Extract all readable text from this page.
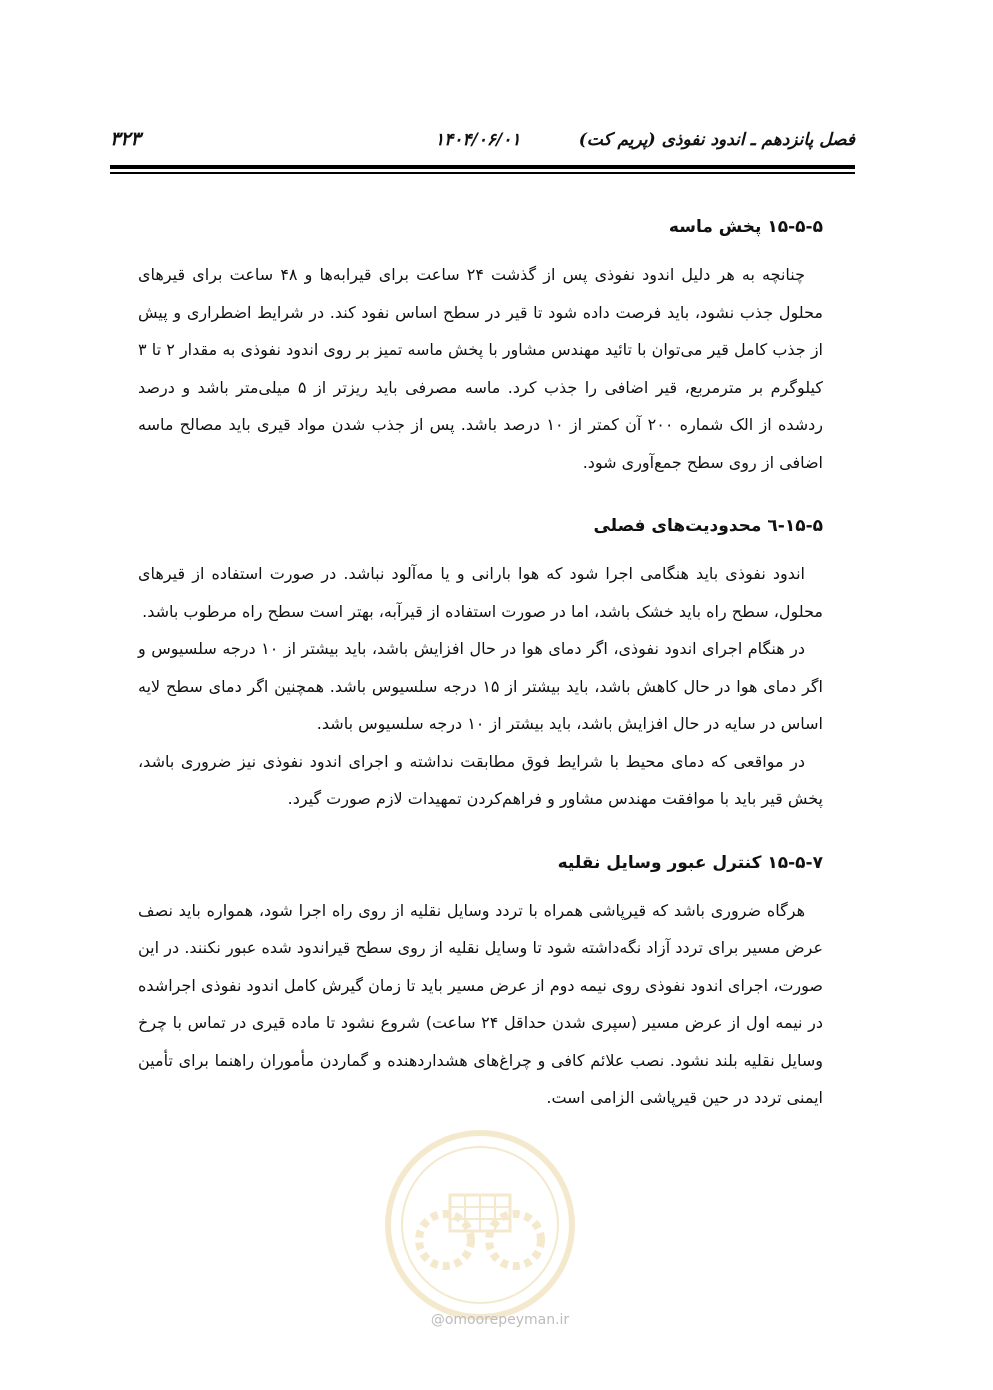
فصل پانزدهم ـ اندود نفوذی (پریم کت)
۱۴۰۴/۰۶/۰۱
۳۲۳
۱۵-۵-۵ پخش ماسه

چنانچه به هر دلیل اندود نفوذی پس از گذشت ۲۴ ساعت برای قیرابه‌ها و ۴۸ ساعت برای قیرهای محلول جذب نشود، باید فرصت داده شود تا قیر در سطح اساس نفود کند. در شرایط اضطراری و پیش از جذب کامل قیر می‌توان با تائید مهندس مشاور با پخش ماسه تمیز بر روی اندود نفوذی به مقدار ۲ تا ۳ کیلوگرم بر مترمربع، قیر اضافی را جذب کرد. ماسه مصرفی باید ریزتر از ۵ میلی‌متر باشد و درصد ردشده از الک شماره ۲۰۰ آن کمتر از ۱۰ درصد باشد. پس از جذب شدن مواد قیری باید مصالح ماسه اضافی از روی سطح جمع‌آوری شود.

۱۵-۵-٦ محدودیت‌های فصلی

اندود نفوذی باید هنگامی اجرا شود که هوا بارانی و یا مه‌آلود نباشد. در صورت استفاده از قیرهای محلول، سطح راه باید خشک باشد، اما در صورت استفاده از قیرآبه، بهتر است سطح راه مرطوب باشد.

در هنگام اجرای اندود نفوذی، اگر دمای هوا در حال افزایش باشد، باید بیشتر از ۱۰ درجه سلسیوس و اگر دمای هوا در حال کاهش باشد، باید بیشتر از ۱۵ درجه سلسیوس باشد. همچنین اگر دمای سطح لایه اساس در سایه در حال افزایش باشد، باید بیشتر از ۱۰ درجه سلسیوس باشد.

در مواقعی که دمای محیط با شرایط فوق مطابقت نداشته و اجرای اندود نفوذی نیز ضروری باشد، پخش قیر باید با موافقت مهندس مشاور و فراهم‌کردن تمهیدات لازم صورت گیرد.

۱۵-۵-۷ کنترل عبور وسایل نقلیه

هرگاه ضروری باشد که قیرپاشی همراه با تردد وسایل نقلیه از روی راه اجرا شود، همواره باید نصف عرض مسیر برای تردد آزاد نگه‌داشته شود تا وسایل نقلیه از روی سطح قیراندود شده عبور نکنند. در این صورت، اجرای اندود نفوذی روی نیمه دوم از عرض مسیر باید تا زمان گیرش کامل اندود نفوذی اجراشده در نیمه اول از عرض مسیر (سپری شدن حداقل ۲۴ ساعت) شروع نشود تا ماده قیری در تماس با چرخ وسایل نقلیه بلند نشود. نصب علائم کافی و چراغ‌های هشداردهنده و گماردن مأموران راهنما برای تأمین ایمنی تردد در حین قیرپاشی الزامی است.

@omoorepeyman.ir
